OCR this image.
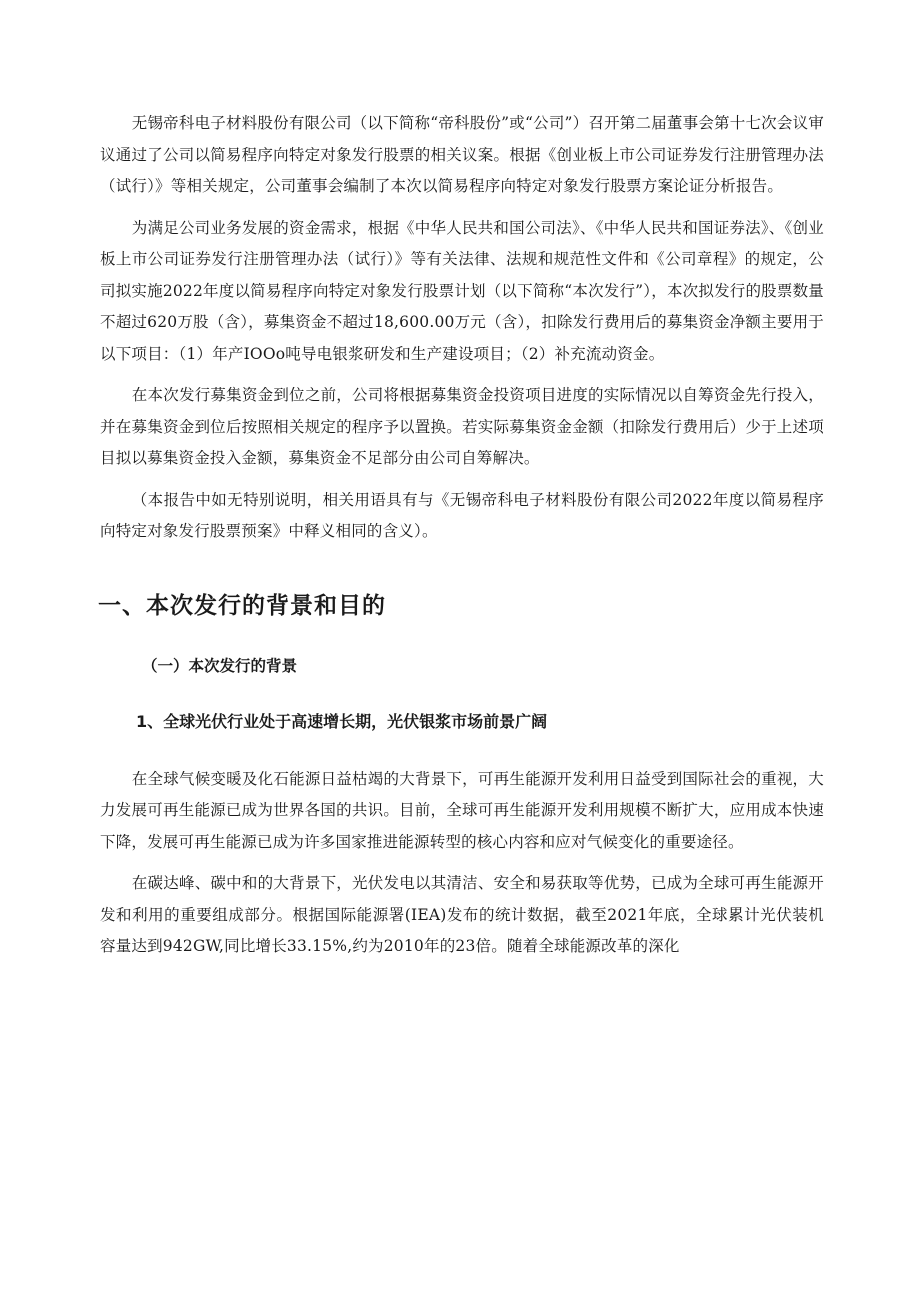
无锡帝科电子材料股份有限公司（以下简称“帝科股份”或“公司”）召开第二届董事会第十七次会议审议通过了公司以简易程序向特定对象发行股票的相关议案。根据《创业板上市公司证券发行注册管理办法（试行）》等相关规定，公司董事会编制了本次以简易程序向特定对象发行股票方案论证分析报告。

为满足公司业务发展的资金需求，根据《中华人民共和国公司法》、《中华人民共和国证券法》、《创业板上市公司证券发行注册管理办法（试行）》等有关法律、法规和规范性文件和《公司章程》的规定，公司拟实施2022年度以简易程序向特定对象发行股票计划（以下简称“本次发行”），本次拟发行的股票数量不超过620万股（含），募集资金不超过18,600.00万元（含），扣除发行费用后的募集资金净额主要用于以下项目：（1）年产IOOo吨导电银浆研发和生产建设项目；（2）补充流动资金。

在本次发行募集资金到位之前，公司将根据募集资金投资项目进度的实际情况以自筹资金先行投入，并在募集资金到位后按照相关规定的程序予以置换。若实际募集资金金额（扣除发行费用后）少于上述项目拟以募集资金投入金额，募集资金不足部分由公司自筹解决。

（本报告中如无特别说明，相关用语具有与《无锡帝科电子材料股份有限公司2022年度以简易程序向特定对象发行股票预案》中释义相同的含义）。

一、本次发行的背景和目的
（一）本次发行的背景
1、全球光伏行业处于高速增长期，光伏银浆市场前景广阔

在全球气候变暖及化石能源日益枯竭的大背景下，可再生能源开发利用日益受到国际社会的重视，大力发展可再生能源已成为世界各国的共识。目前，全球可再生能源开发利用规模不断扩大，应用成本快速下降，发展可再生能源已成为许多国家推进能源转型的核心内容和应对气候变化的重要途径。

在碳达峰、碳中和的大背景下，光伏发电以其清洁、安全和易获取等优势，已成为全球可再生能源开发和利用的重要组成部分。根据国际能源署(IEA)发布的统计数据，截至2021年底，全球累计光伏装机容量达到942GW,同比增长33.15%,约为2010年的23倍。随着全球能源改革的深化
